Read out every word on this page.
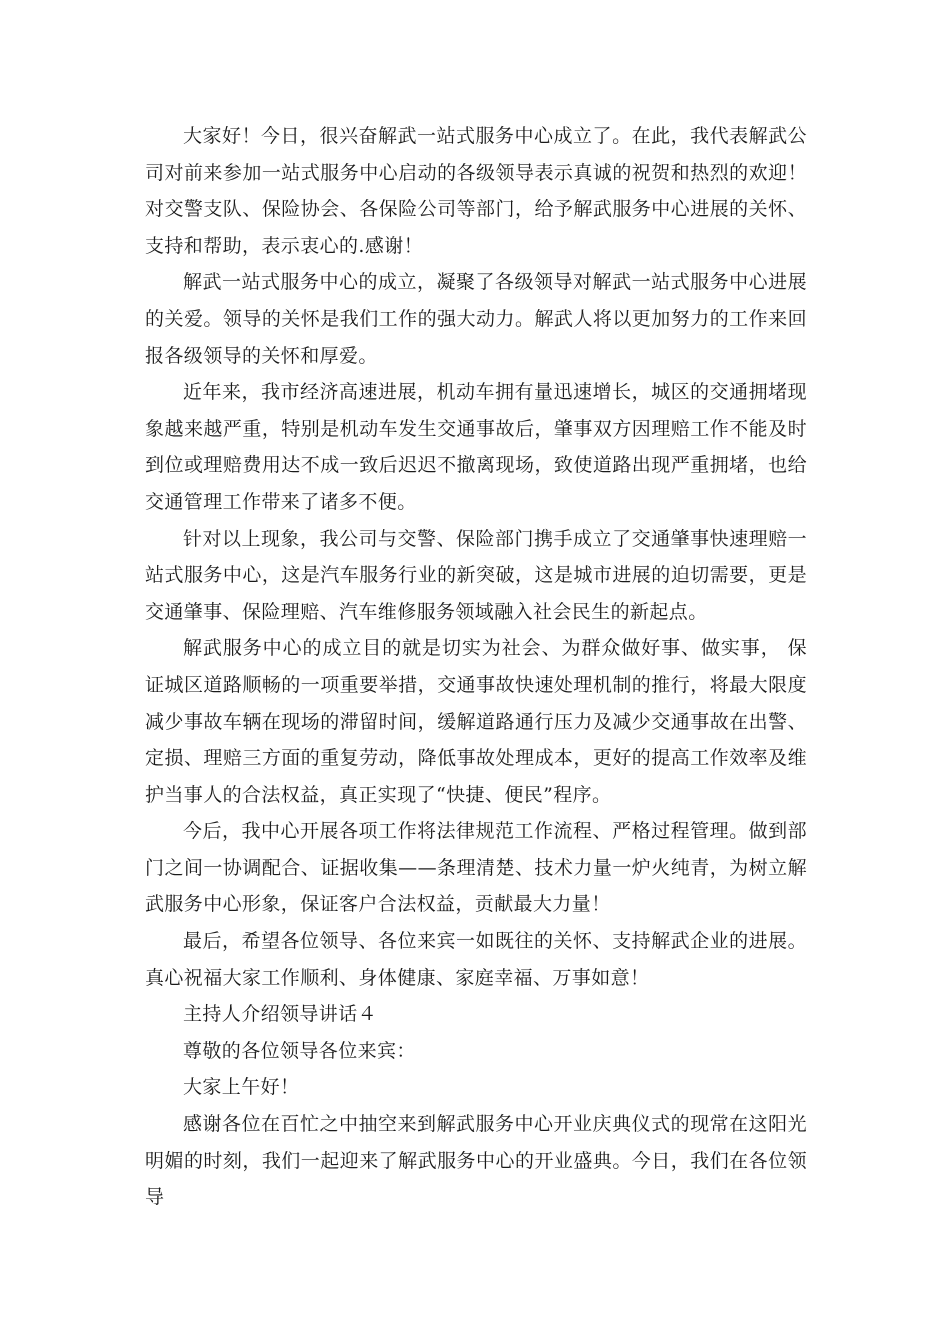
大家好！今日，很兴奋解武一站式服务中心成立了。在此，我代表解武公司对前来参加一站式服务中心启动的各级领导表示真诚的祝贺和热烈的欢迎！对交警支队、保险协会、各保险公司等部门，给予解武服务中心进展的关怀、支持和帮助，表示衷心的.感谢！

解武一站式服务中心的成立，凝聚了各级领导对解武一站式服务中心进展的关爱。领导的关怀是我们工作的强大动力。解武人将以更加努力的工作来回报各级领导的关怀和厚爱。

近年来，我市经济高速进展，机动车拥有量迅速增长，城区的交通拥堵现象越来越严重，特别是机动车发生交通事故后，肇事双方因理赔工作不能及时到位或理赔费用达不成一致后迟迟不撤离现场，致使道路出现严重拥堵，也给交通管理工作带来了诸多不便。

针对以上现象，我公司与交警、保险部门携手成立了交通肇事快速理赔一站式服务中心，这是汽车服务行业的新突破，这是城市进展的迫切需要，更是交通肇事、保险理赔、汽车维修服务领域融入社会民生的新起点。

解武服务中心的成立目的就是切实为社会、为群众做好事、做实事， 保证城区道路顺畅的一项重要举措，交通事故快速处理机制的推行，将最大限度减少事故车辆在现场的滞留时间，缓解道路通行压力及减少交通事故在出警、定损、理赔三方面的重复劳动，降低事故处理成本，更好的提高工作效率及维护当事人的合法权益，真正实现了“快捷、便民”程序。

今后，我中心开展各项工作将法律规范工作流程、严格过程管理。做到部门之间一协调配合、证据收集——条理清楚、技术力量一炉火纯青，为树立解武服务中心形象，保证客户合法权益，贡献最大力量！

最后，希望各位领导、各位来宾一如既往的关怀、支持解武企业的进展。真心祝福大家工作顺利、身体健康、家庭幸福、万事如意！

主持人介绍领导讲话４

尊敬的各位领导各位来宾：

大家上午好！

感谢各位在百忙之中抽空来到解武服务中心开业庆典仪式的现常在这阳光明媚的时刻，我们一起迎来了解武服务中心的开业盛典。今日，我们在各位领导
